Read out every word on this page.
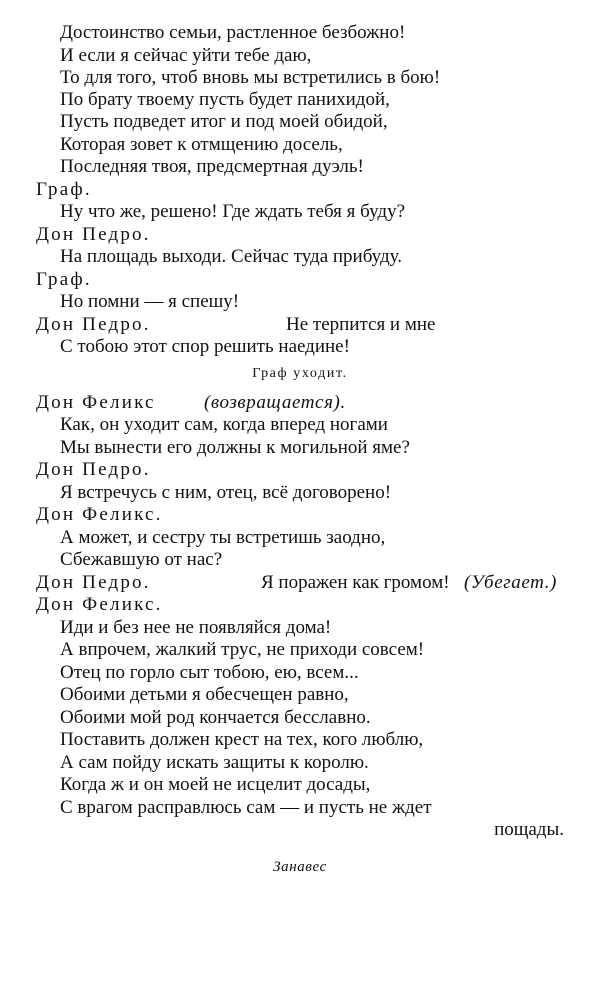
Достоинство семьи, растленное безбожно!
И если я сейчас уйти тебе даю,
То для того, чтоб вновь мы встретились в бою!
По брату твоему пусть будет панихидой,
Пусть подведет итог и под моей обидой,
Которая зовет к отмщению досель,
Последняя твоя, предсмертная дуэль!
Граф.
Ну что же, решено! Где ждать тебя я буду?
Дон Педро.
На площадь выходи. Сейчас туда прибуду.
Граф.
Но помни — я спешу!
Дон Педро.	Не терпится и мне
С тобою этот спор решить наедине!
Граф уходит.
Дон Феликс	(возвращается).
Как, он уходит сам, когда вперед ногами
Мы вынести его должны к могильной яме?
Дон Педро.
Я встречусь с ним, отец, всё договорено!
Дон Феликс.
А может, и сестру ты встретишь заодно,
Сбежавшую от нас?
Дон Педро.	Я поражен как громом! (Убегает.)
Дон Феликс.
Иди и без нее не появляйся дома!
А впрочем, жалкий трус, не приходи совсем!
Отец по горло сыт тобою, ею, всем...
Обоими детьми я обесчещен равно,
Обоими мой род кончается бесславно.
Поставить должен крест на тех, кого люблю,
А сам пойду искать защиты к королю.
Когда ж и он моей не исцелит досады,
С врагом расправлюсь сам — и пусть не ждет
пощады.
Занавес
